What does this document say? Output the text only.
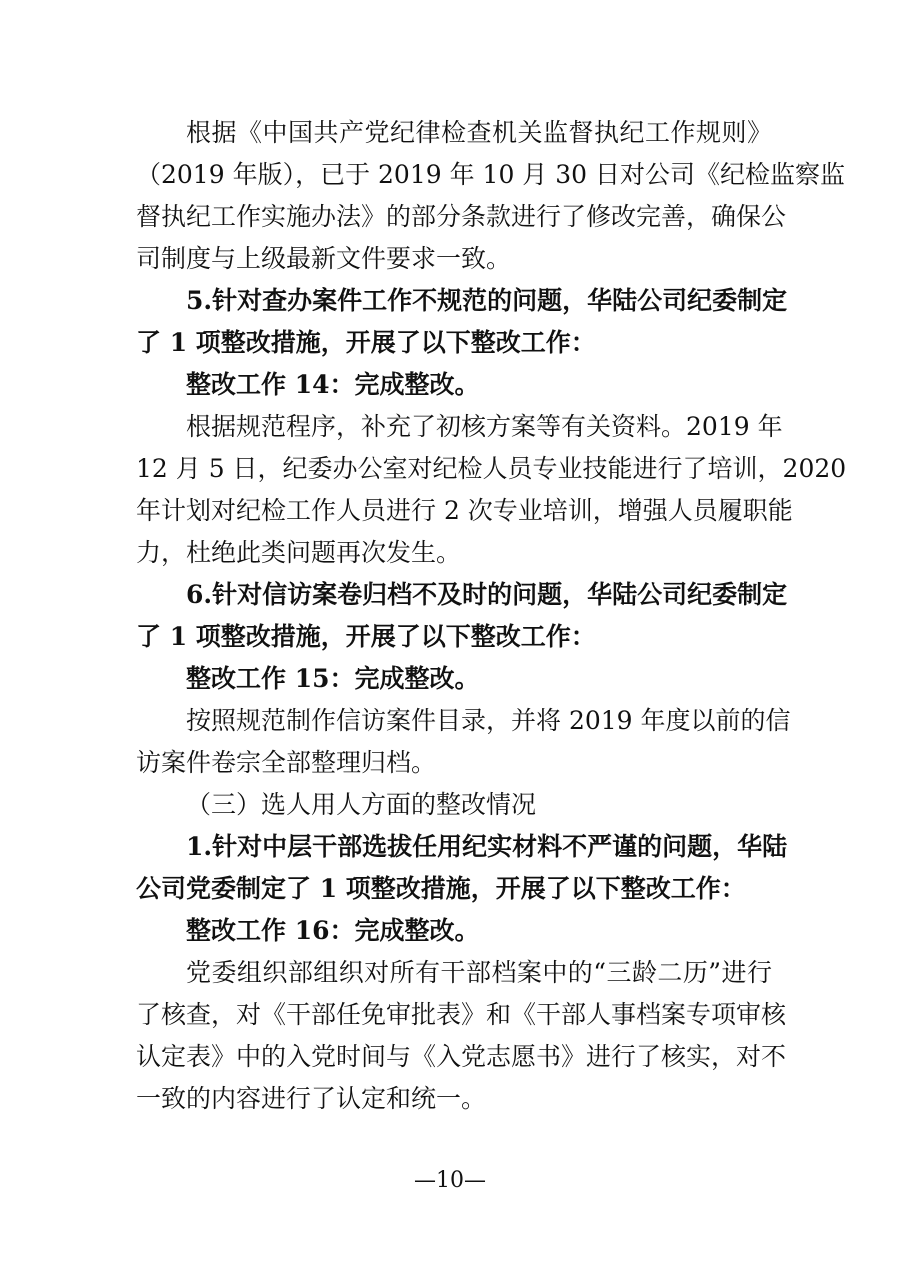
根据《中国共产党纪律检查机关监督执纪工作规则》
（2019 年版），已于 2019 年 10 月 30 日对公司《纪检监察监
督执纪工作实施办法》的部分条款进行了修改完善，确保公
司制度与上级最新文件要求一致。
5.针对查办案件工作不规范的问题，华陆公司纪委制定
了 1 项整改措施，开展了以下整改工作：
整改工作 14：完成整改。
根据规范程序，补充了初核方案等有关资料。2019 年
12 月 5 日，纪委办公室对纪检人员专业技能进行了培训，2020
年计划对纪检工作人员进行 2 次专业培训，增强人员履职能
力，杜绝此类问题再次发生。
6.针对信访案卷归档不及时的问题，华陆公司纪委制定
了 1 项整改措施，开展了以下整改工作：
整改工作 15：完成整改。
按照规范制作信访案件目录，并将 2019 年度以前的信
访案件卷宗全部整理归档。
（三）选人用人方面的整改情况
1.针对中层干部选拔任用纪实材料不严谨的问题，华陆
公司党委制定了 1 项整改措施，开展了以下整改工作：
整改工作 16：完成整改。
党委组织部组织对所有干部档案中的“三龄二历”进行
了核查，对《干部任免审批表》和《干部人事档案专项审核
认定表》中的入党时间与《入党志愿书》进行了核实，对不
一致的内容进行了认定和统一。
—10—
